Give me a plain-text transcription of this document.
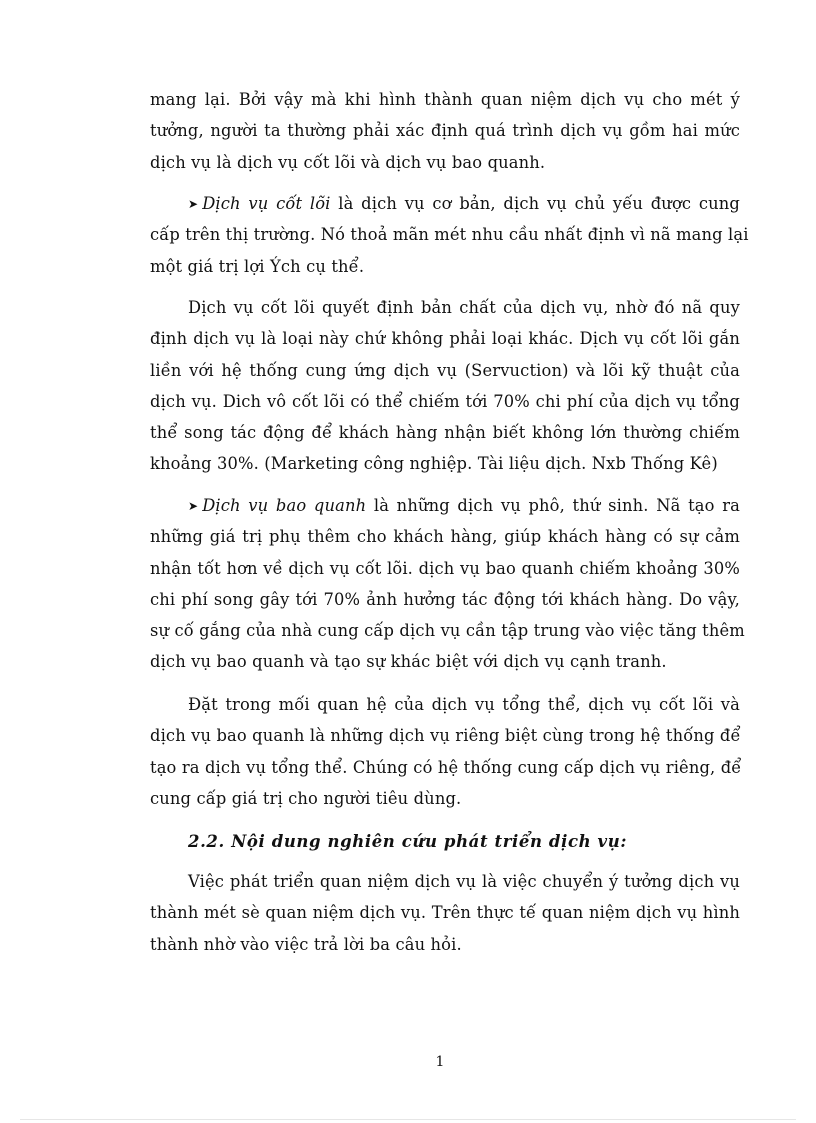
mang lại. Bởi vậy mà khi hình thành quan niệm dịch vụ cho mét ý
tưởng, người ta thường phải xác định quá trình dịch vụ gồm hai mức
dịch vụ là dịch vụ cốt lõi và dịch vụ bao quanh.
➤ Dịch vụ cốt lõi là dịch vụ cơ bản, dịch vụ chủ yếu được cung
cấp trên thị trường. Nó thoả mãn mét nhu cầu nhất định vì nã mang lại
một giá trị lợi Ých cụ thể.
Dịch vụ cốt lõi quyết định bản chất của dịch vụ, nhờ đó nã quy
định dịch vụ là loại này chứ không phải loại khác. Dịch vụ cốt lõi gắn
liền với hệ thống cung ứng dịch vụ (Servuction) và lõi kỹ thuật của
dịch vụ. Dich vô cốt lõi có thể chiếm tới 70% chi phí của dịch vụ tổng
thể song tác động để khách hàng nhận biết không lớn thường chiếm
khoảng 30%. (Marketing công nghiệp. Tài liệu dịch. Nxb Thống Kê)
➤ Dịch vụ bao quanh là những dịch vụ phô, thứ sinh. Nã tạo ra
những giá trị phụ thêm cho khách hàng, giúp khách hàng có sự cảm
nhận tốt hơn về dịch vụ cốt lõi. dịch vụ bao quanh chiếm khoảng 30%
chi phí song gây tới 70% ảnh hưởng tác động tới khách hàng. Do vậy,
sự cố gắng của nhà cung cấp dịch vụ cần tập trung vào việc tăng thêm
dịch vụ bao quanh và tạo sự khác biệt với dịch vụ cạnh tranh.
Đặt trong mối quan hệ của dịch vụ tổng thể, dịch vụ cốt lõi và
dịch vụ bao quanh là những dịch vụ riêng biệt cùng trong hệ thống để
tạo ra dịch vụ tổng thể. Chúng có hệ thống cung cấp dịch vụ riêng, để
cung cấp giá trị cho người tiêu dùng.
2.2. Nội dung nghiên cứu phát triển dịch vụ:
Việc phát triển quan niệm dịch vụ là việc chuyển ý tưởng dịch vụ
thành mét sè quan niệm dịch vụ. Trên thực tế quan niệm dịch vụ hình
thành nhờ vào việc trả lời ba câu hỏi.
1
